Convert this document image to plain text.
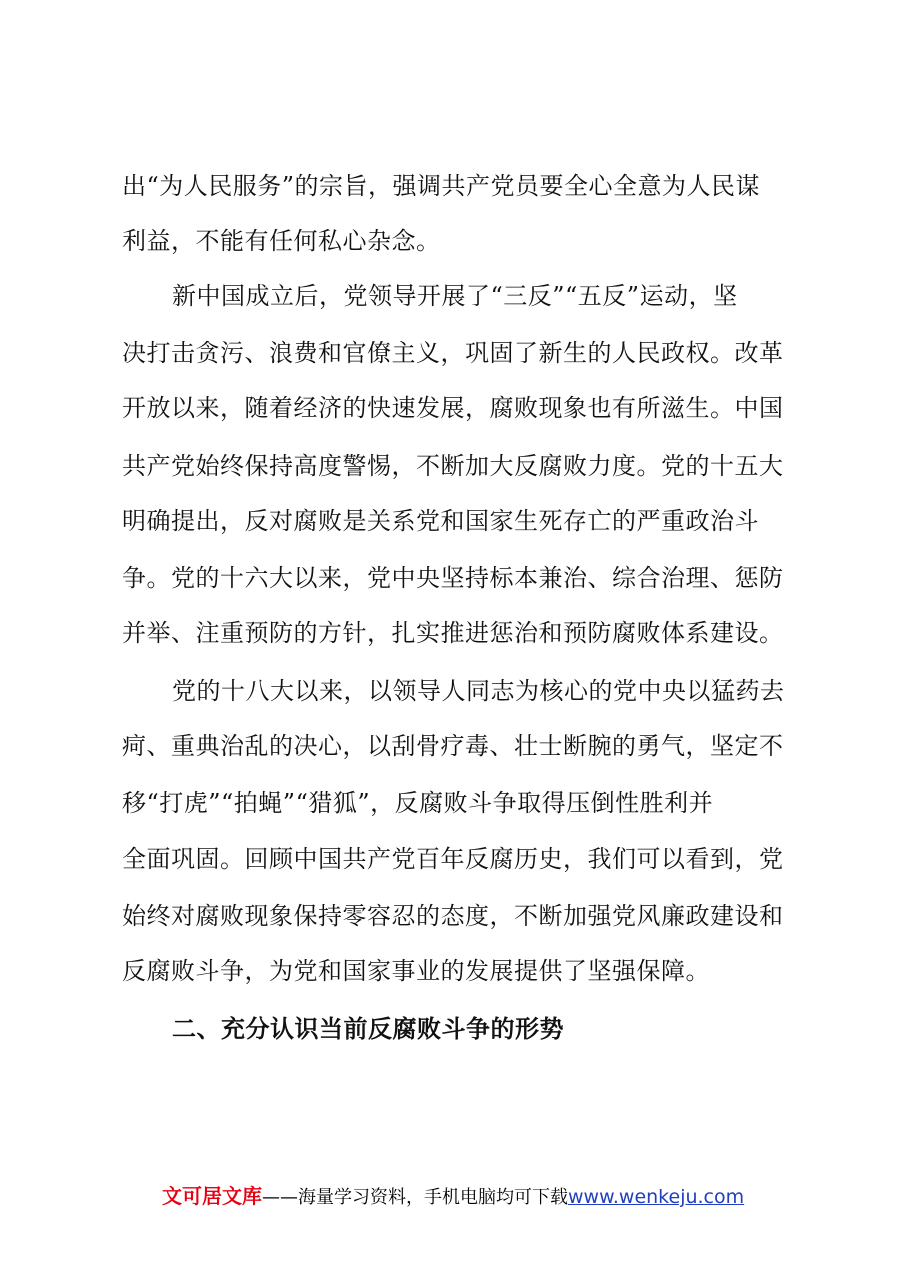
出“为人民服务”的宗旨，强调共产党员要全心全意为人民谋
利益，不能有任何私心杂念。
新中国成立后，党领导开展了“三反”“五反”运动，坚
决打击贪污、浪费和官僚主义，巩固了新生的人民政权。改革
开放以来，随着经济的快速发展，腐败现象也有所滋生。中国
共产党始终保持高度警惕，不断加大反腐败力度。党的十五大
明确提出，反对腐败是关系党和国家生死存亡的严重政治斗
争。党的十六大以来，党中央坚持标本兼治、综合治理、惩防
并举、注重预防的方针，扎实推进惩治和预防腐败体系建设。
党的十八大以来，以领导人同志为核心的党中央以猛药去
疴、重典治乱的决心，以刮骨疗毒、壮士断腕的勇气，坚定不
移“打虎”“拍蝇”“猎狐”，反腐败斗争取得压倒性胜利并
全面巩固。回顾中国共产党百年反腐历史，我们可以看到，党
始终对腐败现象保持零容忍的态度，不断加强党风廉政建设和
反腐败斗争，为党和国家事业的发展提供了坚强保障。
二、充分认识当前反腐败斗争的形势
文可居文库——海量学习资料，手机电脑均可下载www.wenkeju.com
